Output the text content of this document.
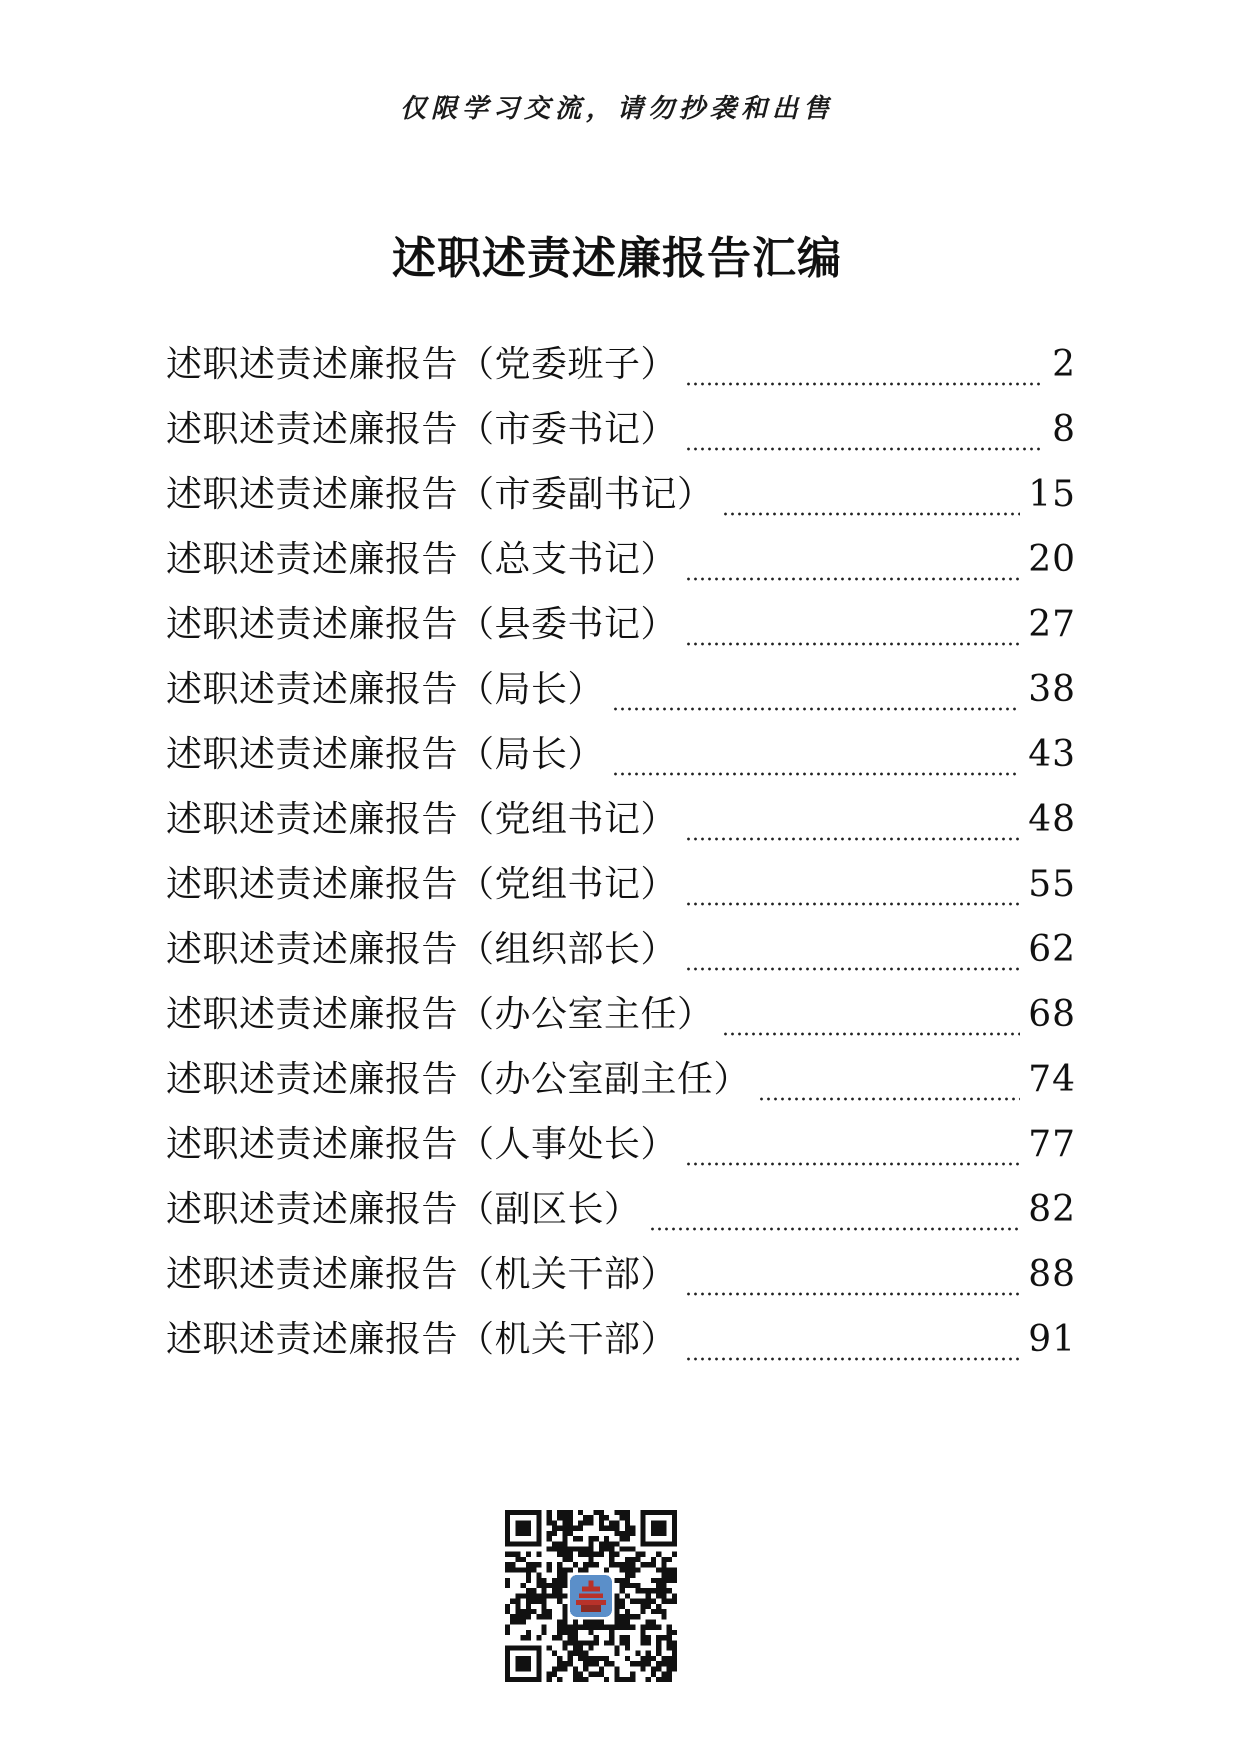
仅限学习交流，请勿抄袭和出售
述职述责述廉报告汇编
述职述责述廉报告（党委班子）	2
述职述责述廉报告（市委书记）	8
述职述责述廉报告（市委副书记）	15
述职述责述廉报告（总支书记）	20
述职述责述廉报告（县委书记）	27
述职述责述廉报告（局长）	38
述职述责述廉报告（局长）	43
述职述责述廉报告（党组书记）	48
述职述责述廉报告（党组书记）	55
述职述责述廉报告（组织部长）	62
述职述责述廉报告（办公室主任）	68
述职述责述廉报告（办公室副主任）	74
述职述责述廉报告（人事处长）	77
述职述责述廉报告（副区长）	82
述职述责述廉报告（机关干部）	88
述职述责述廉报告（机关干部）	91
